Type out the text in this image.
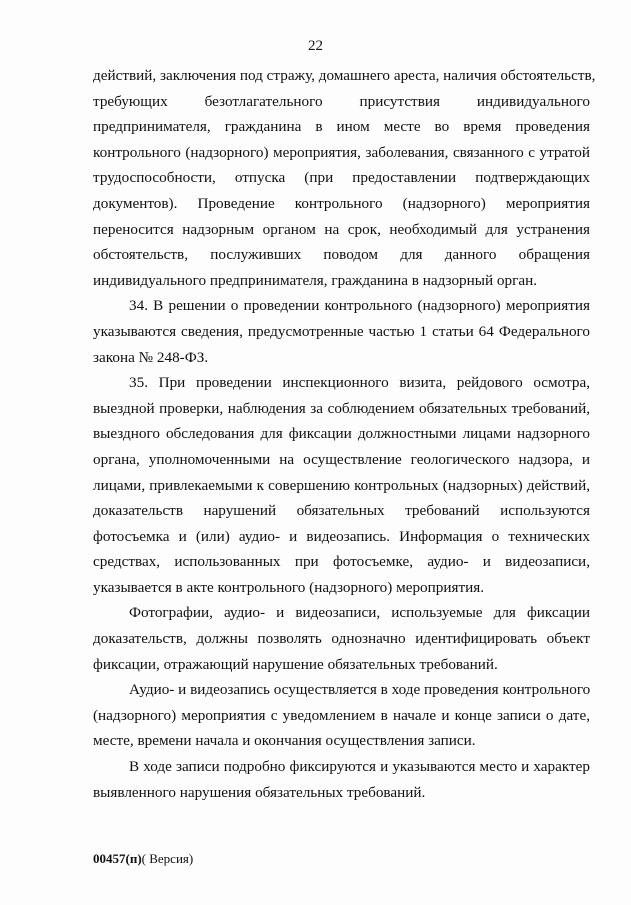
22
действий, заключения под стражу, домашнего ареста, наличия обстоятельств,
требующих безотлагательного присутствия индивидуального
предпринимателя, гражданина в ином месте во время проведения
контрольного (надзорного) мероприятия, заболевания, связанного с утратой
трудоспособности, отпуска (при предоставлении подтверждающих
документов). Проведение контрольного (надзорного) мероприятия
переносится надзорным органом на срок, необходимый для устранения
обстоятельств, послуживших поводом для данного обращения
индивидуального предпринимателя, гражданина в надзорный орган.
34. В решении о проведении контрольного (надзорного) мероприятия
указываются сведения, предусмотренные частью 1 статьи 64 Федерального
закона № 248-ФЗ.
35. При проведении инспекционного визита, рейдового осмотра,
выездной проверки, наблюдения за соблюдением обязательных требований,
выездного обследования для фиксации должностными лицами надзорного
органа, уполномоченными на осуществление геологического надзора, и
лицами, привлекаемыми к совершению контрольных (надзорных) действий,
доказательств нарушений обязательных требований используются
фотосъемка и (или) аудио- и видеозапись. Информация о технических
средствах, использованных при фотосъемке, аудио- и видеозаписи,
указывается в акте контрольного (надзорного) мероприятия.
Фотографии, аудио- и видеозаписи, используемые для фиксации
доказательств, должны позволять однозначно идентифицировать объект
фиксации, отражающий нарушение обязательных требований.
Аудио- и видеозапись осуществляется в ходе проведения контрольного
(надзорного) мероприятия с уведомлением в начале и конце записи о дате,
месте, времени начала и окончания осуществления записи.
В ходе записи подробно фиксируются и указываются место и характер
выявленного нарушения обязательных требований.
00457(п)( Версия)
